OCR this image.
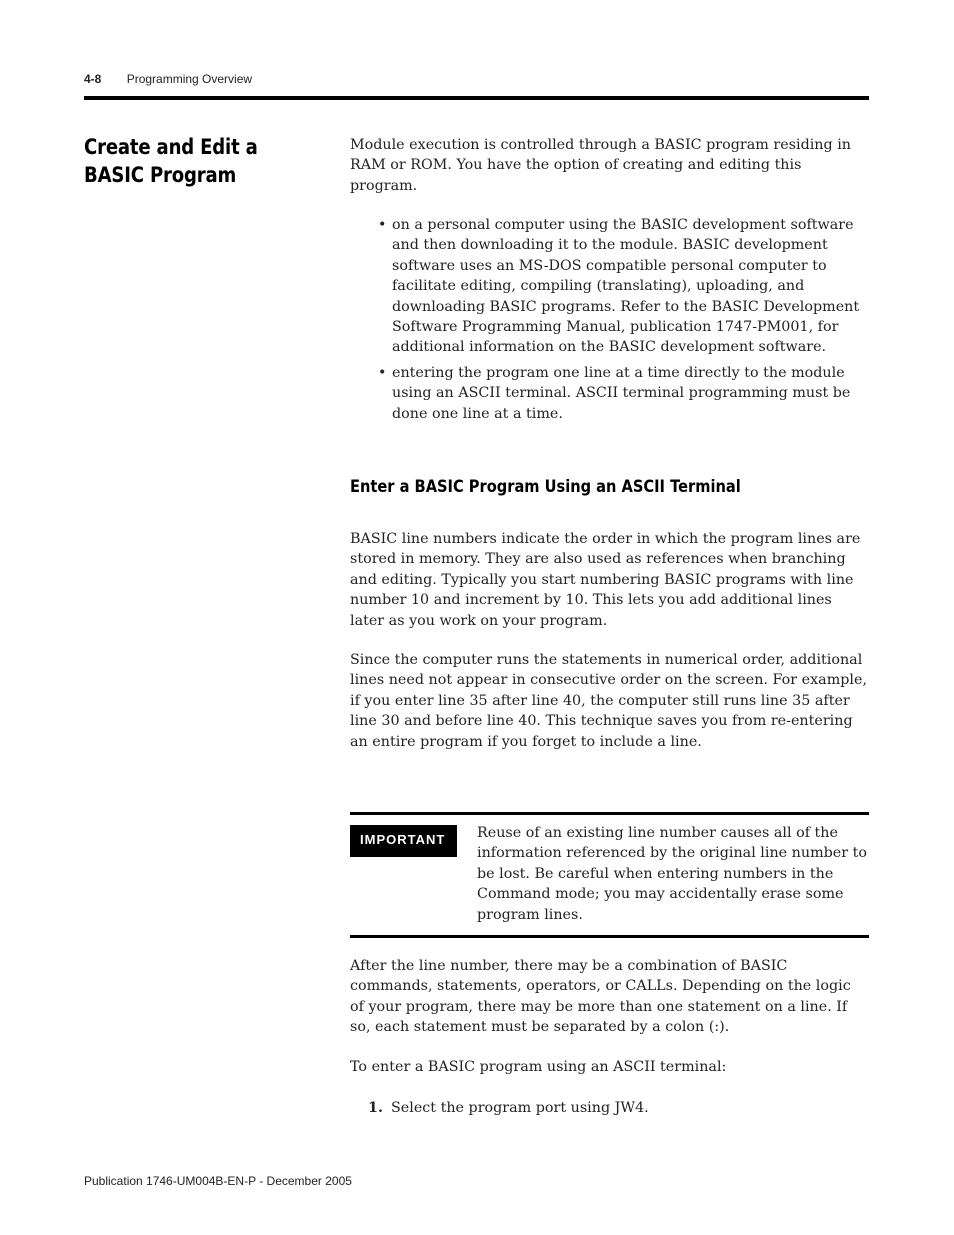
4-8 Programming Overview
Create and Edit a BASIC Program

Module execution is controlled through a BASIC program residing in RAM or ROM. You have the option of creating and editing this program.

• on a personal computer using the BASIC development software and then downloading it to the module. BASIC development software uses an MS-DOS compatible personal computer to facilitate editing, compiling (translating), uploading, and downloading BASIC programs. Refer to the BASIC Development Software Programming Manual, publication 1747-PM001, for additional information on the BASIC development software.
• entering the program one line at a time directly to the module using an ASCII terminal. ASCII terminal programming must be done one line at a time.
Enter a BASIC Program Using an ASCII Terminal

BASIC line numbers indicate the order in which the program lines are stored in memory. They are also used as references when branching and editing. Typically you start numbering BASIC programs with line number 10 and increment by 10. This lets you add additional lines later as you work on your program.

Since the computer runs the statements in numerical order, additional lines need not appear in consecutive order on the screen. For example, if you enter line 35 after line 40, the computer still runs line 35 after line 30 and before line 40. This technique saves you from re-entering an entire program if you forget to include a line.

IMPORTANT	Reuse of an existing line number causes all of the information referenced by the original line number to be lost. Be careful when entering numbers in the Command mode; you may accidentally erase some program lines.

After the line number, there may be a combination of BASIC commands, statements, operators, or CALLs. Depending on the logic of your program, there may be more than one statement on a line. If so, each statement must be separated by a colon (:).

To enter a BASIC program using an ASCII terminal:

1. Select the program port using JW4.
Publication 1746-UM004B-EN-P - December 2005
